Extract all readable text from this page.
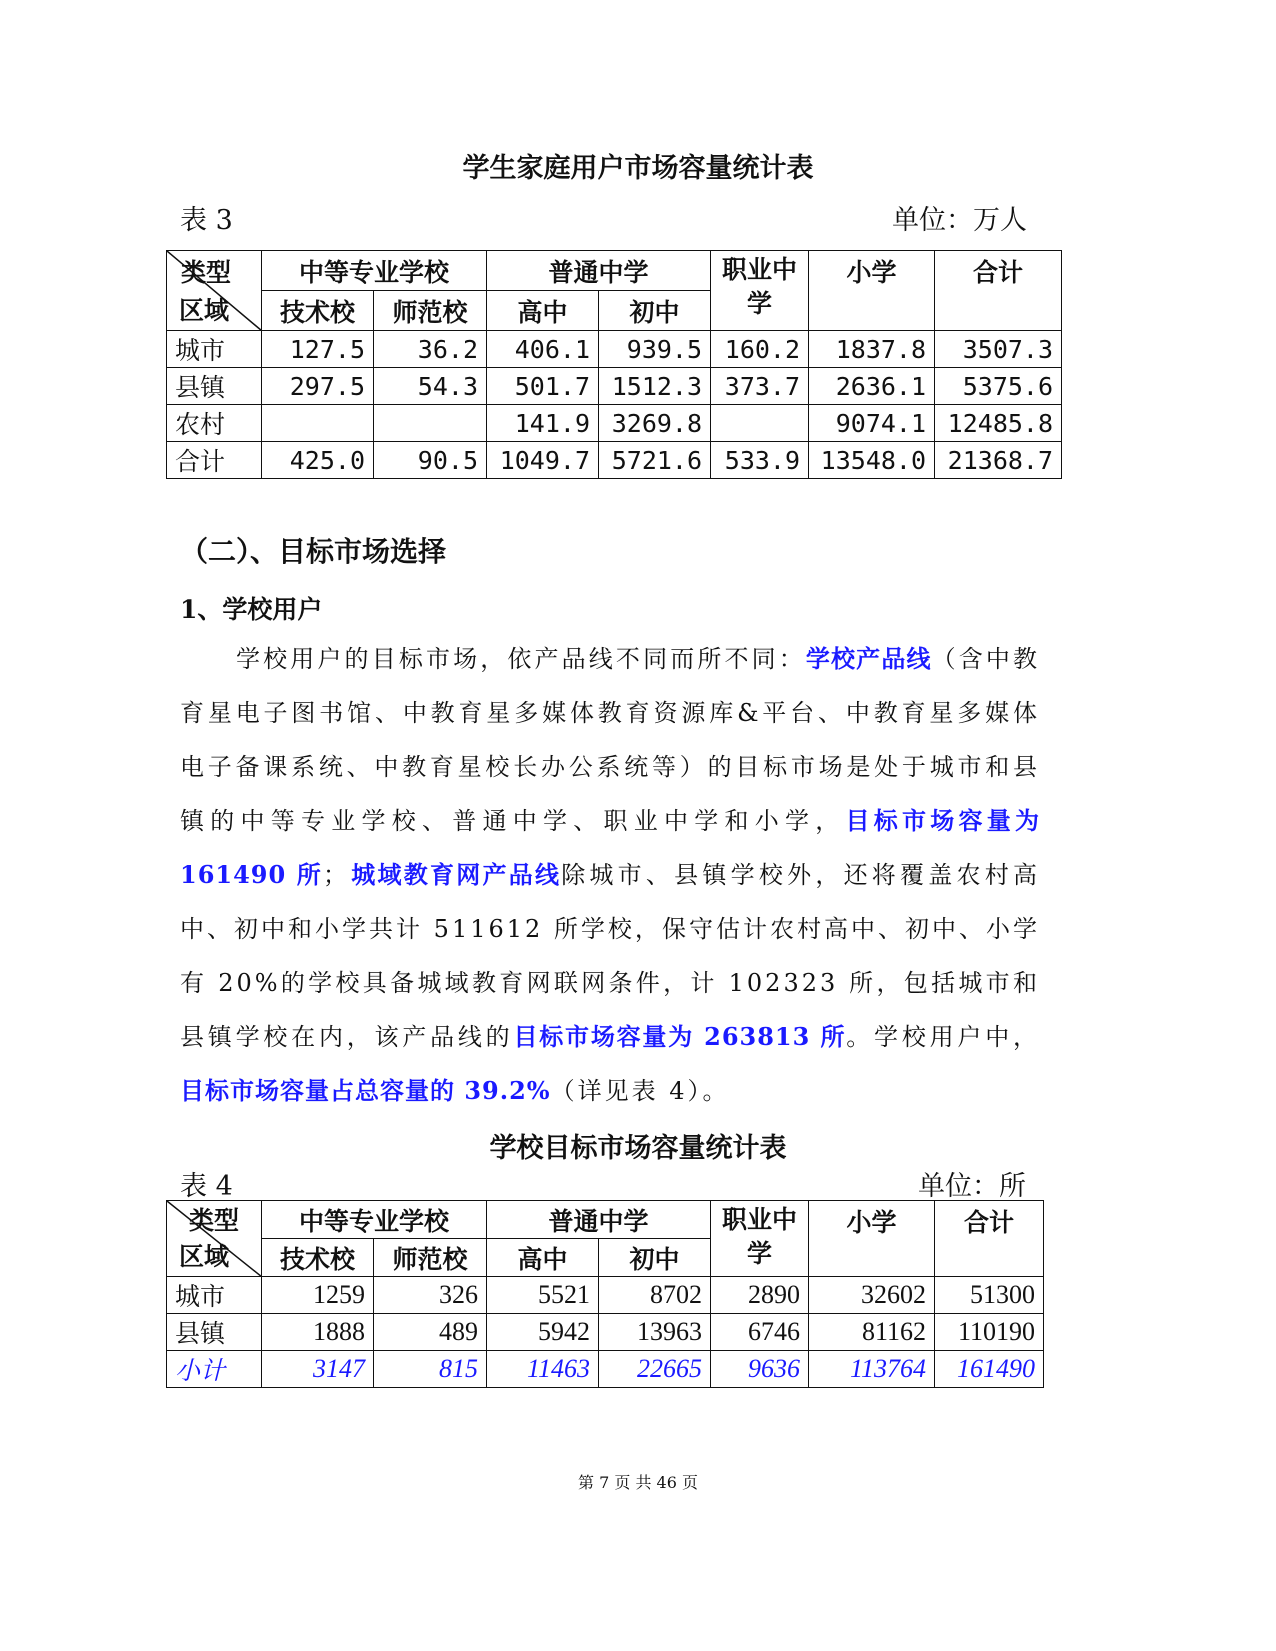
学生家庭用户市场容量统计表
表 3	单位：万人
类型
区域	中等专业学校		普通中学		职业中学	小学	合计
	技术校	师范校	高中	初中			
城市	127.5	36.2	406.1	939.5	160.2	1837.8	3507.3
县镇	297.5	54.3	501.7	1512.3	373.7	2636.1	5375.6
农村			141.9	3269.8		9074.1	12485.8
合计	425.0	90.5	1049.7	5721.6	533.9	13548.0	21368.7
（二）、目标市场选择
1、学校用户
学校用户的目标市场，依产品线不同而所不同：学校产品线（含中教育星电子图书馆、中教育星多媒体教育资源库&平台、中教育星多媒体电子备课系统、中教育星校长办公系统等）的目标市场是处于城市和县镇的中等专业学校、普通中学、职业中学和小学，目标市场容量为 161490 所；城域教育网产品线除城市、县镇学校外，还将覆盖农村高中、初中和小学共计 511612 所学校，保守估计农村高中、初中、小学有 20%的学校具备城域教育网联网条件，计 102323 所，包括城市和县镇学校在内，该产品线的目标市场容量为 263813 所。学校用户中，目标市场容量占总容量的 39.2%（详见表 4）。
学校目标市场容量统计表
表 4	单位：所
类型
区域	中等专业学校		普通中学		职业中学	小学	合计
	技术校	师范校	高中	初中			
城市	1259	326	5521	8702	2890	32602	51300
县镇	1888	489	5942	13963	6746	81162	110190
小计	3147	815	11463	22665	9636	113764	161490
第 7 页 共 46 页
